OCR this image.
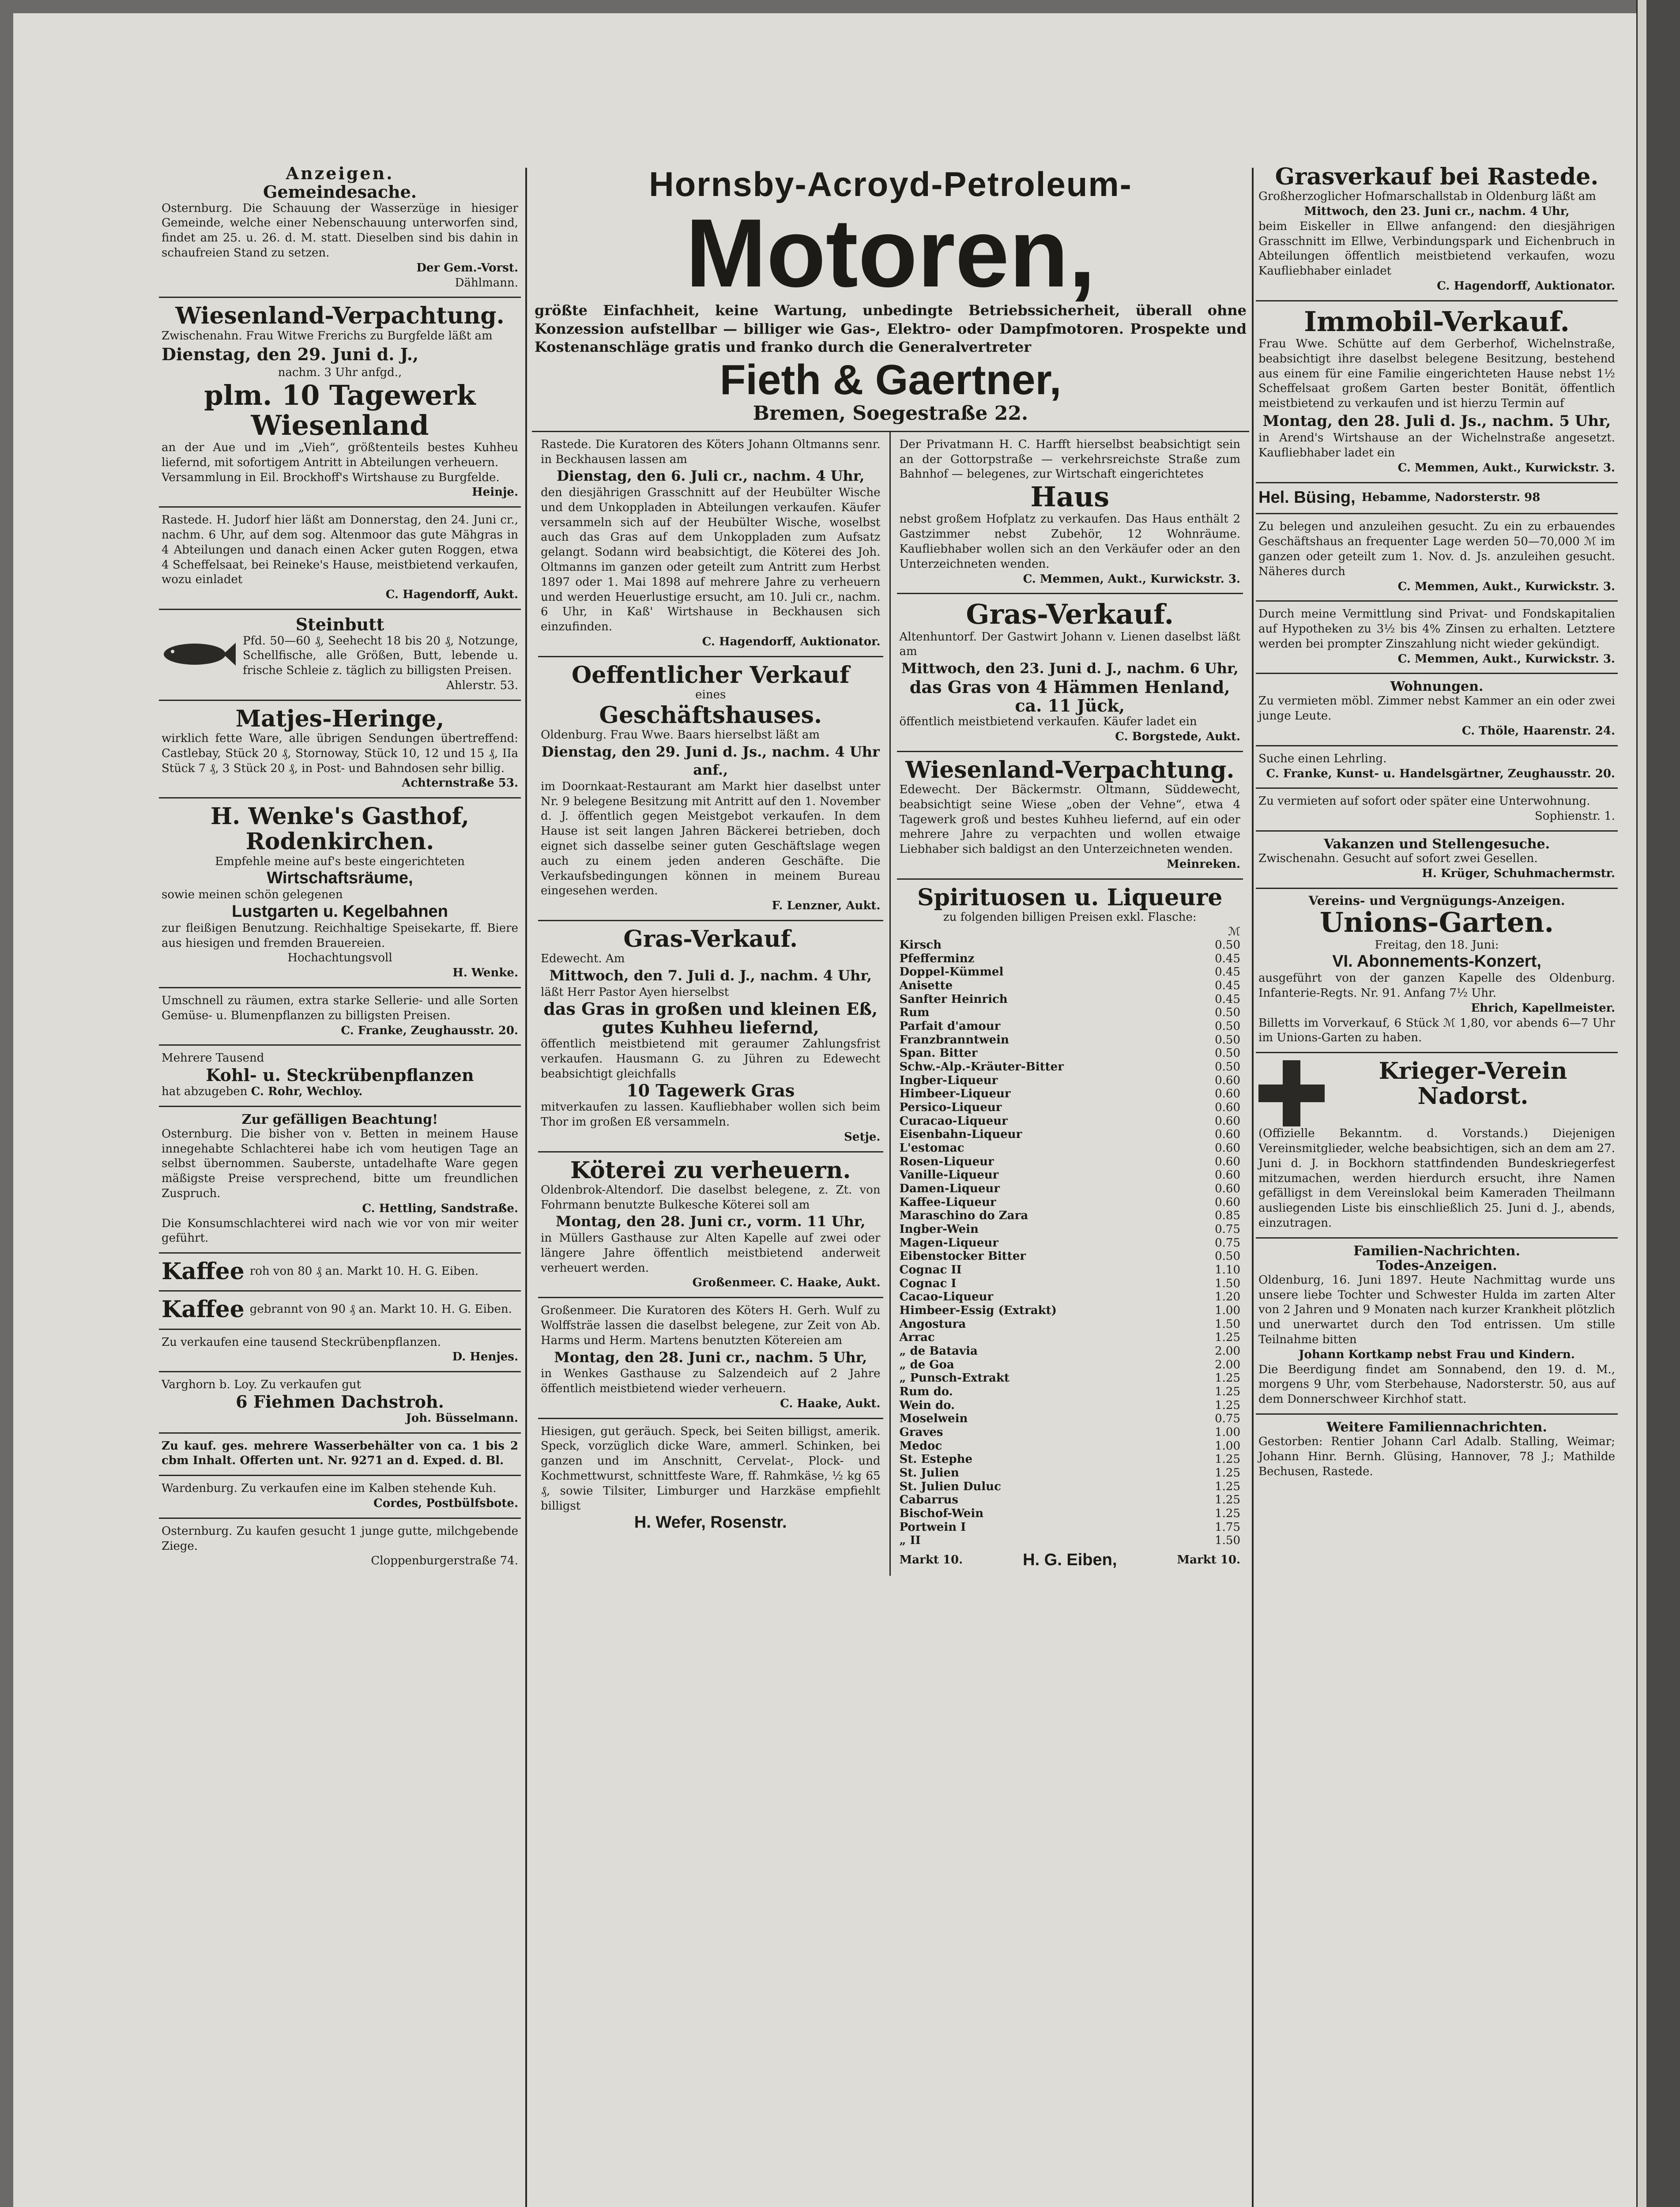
Anzeigen.
Gemeindesache.
Osternburg. Die Schauung der Wasserzüge in hiesiger Gemeinde, welche einer Nebenschauung unterworfen sind, findet am 25. u. 26. d. M. statt. Dieselben sind bis dahin in schaufreien Stand zu setzen.
Der Gem.-Vorst.
Dählmann.
Wiesenland-Verpachtung.
Zwischenahn. Frau Witwe Frerichs zu Burgfelde läßt am
Dienstag, den 29. Juni d. J.,
nachm. 3 Uhr anfgd.,
plm. 10 Tagewerk
Wiesenland
an der Aue und im „Vieh“, größtenteils bestes Kuhheu liefernd, mit sofortigem Antritt in Abteilungen verheuern.
Versammlung in Eil. Brockhoff's Wirtshause zu Burgfelde.
Heinje.
Rastede. H. Judorf hier läßt am Donnerstag, den 24. Juni cr., nachm. 6 Uhr, auf dem sog. Altenmoor das gute Mähgras in 4 Abteilungen und danach einen Acker guten Roggen, etwa 4 Scheffelsaat, bei Reineke's Hause, meistbietend verkaufen, wozu einladet
C. Hagendorff, Aukt.
Steinbutt
Pfd. 50—60 ₰, Seehecht 18 bis 20 ₰, Notzunge, Schellfische, alle Größen, Butt, lebende u. frische Schleie z. täglich zu billigsten Preisen.
Ahlerstr. 53.
Matjes-Heringe,
wirklich fette Ware, alle übrigen Sendungen übertreffend: Castlebay, Stück 20 ₰, Stornoway, Stück 10, 12 und 15 ₰, IIa Stück 7 ₰, 3 Stück 20 ₰, in Post- und Bahndosen sehr billig.
Achternstraße 53.
H. Wenke's Gasthof,
Rodenkirchen.
Empfehle meine auf's beste eingerichteten
Wirtschaftsräume,
sowie meinen schön gelegenen
Lustgarten u. Kegelbahnen
zur fleißigen Benutzung. Reichhaltige Speisekarte, ff. Biere aus hiesigen und fremden Brauereien.
Hochachtungsvoll
H. Wenke.
Umschnell zu räumen, extra starke Sellerie- und alle Sorten Gemüse- u. Blumenpflanzen zu billigsten Preisen.
C. Franke, Zeughausstr. 20.
Mehrere Tausend
Kohl- u. Steckrübenpflanzen
hat abzugeben C. Rohr, Wechloy.
Zur gefälligen Beachtung!
Osternburg. Die bisher von v. Betten in meinem Hause innegehabte Schlachterei habe ich vom heutigen Tage an selbst übernommen. Sauberste, untadelhafte Ware gegen mäßigste Preise versprechend, bitte um freundlichen Zuspruch.
C. Hettling, Sandstraße.
Die Konsumschlachterei wird nach wie vor von mir weiter geführt.
Kaffee roh von 80 ₰ an. Markt 10. H. G. Eiben.
Kaffee gebrannt von 90 ₰ an. Markt 10. H. G. Eiben.
Zu verkaufen eine tausend Steckrübenpflanzen.
D. Henjes.
Varghorn b. Loy. Zu verkaufen gut
6 Fiehmen Dachstroh.
Joh. Büsselmann.
Zu kauf. ges. mehrere Wasserbehälter von ca. 1 bis 2 cbm Inhalt. Offerten unt. Nr. 9271 an d. Exped. d. Bl.
Wardenburg. Zu verkaufen eine im Kalben stehende Kuh.
Cordes, Postbülfsbote.
Osternburg. Zu kaufen gesucht 1 junge gutte, milchgebende Ziege.
Cloppenburgerstraße 74.
Hornsby-Acroyd-Petroleum-
Motoren,
größte Einfachheit, keine Wartung, unbedingte Betriebssicherheit, überall ohne Konzession aufstellbar — billiger wie Gas-, Elektro- oder Dampfmotoren. Prospekte und Kostenanschläge gratis und franko durch die Generalvertreter
Fieth & Gaertner,
Bremen, Soegestraße 22.
Rastede. Die Kuratoren des Köters Johann Oltmanns senr. in Beckhausen lassen am
Dienstag, den 6. Juli cr., nachm. 4 Uhr,
den diesjährigen Grasschnitt auf der Heubülter Wische und dem Unkoppladen in Abteilungen verkaufen. Käufer versammeln sich auf der Heubülter Wische, woselbst auch das Gras auf dem Unkoppladen zum Aufsatz gelangt. Sodann wird beabsichtigt, die Köterei des Joh. Oltmanns im ganzen oder geteilt zum Antritt zum Herbst 1897 oder 1. Mai 1898 auf mehrere Jahre zu verheuern und werden Heuerlustige ersucht, am 10. Juli cr., nachm. 6 Uhr, in Kaß' Wirtshause in Beckhausen sich einzufinden.
C. Hagendorff, Auktionator.
Oeffentlicher Verkauf
eines
Geschäftshauses.
Oldenburg. Frau Wwe. Baars hierselbst läßt am
Dienstag, den 29. Juni d. Js., nachm. 4 Uhr anf.,
im Doornkaat-Restaurant am Markt hier daselbst unter Nr. 9 belegene Besitzung mit Antritt auf den 1. November d. J. öffentlich gegen Meistgebot verkaufen. In dem Hause ist seit langen Jahren Bäckerei betrieben, doch eignet sich dasselbe seiner guten Geschäftslage wegen auch zu einem jeden anderen Geschäfte. Die Verkaufsbedingungen können in meinem Bureau eingesehen werden.
F. Lenzner, Aukt.
Gras-Verkauf.
Edewecht. Am
Mittwoch, den 7. Juli d. J., nachm. 4 Uhr,
läßt Herr Pastor Ayen hierselbst
das Gras in großen und kleinen Eß, gutes Kuhheu liefernd,
öffentlich meistbietend mit geraumer Zahlungsfrist verkaufen. Hausmann G. zu Jühren zu Edewecht beabsichtigt gleichfalls
10 Tagewerk Gras
mitverkaufen zu lassen. Kaufliebhaber wollen sich beim Thor im großen Eß versammeln.
Setje.
Köterei zu verheuern.
Oldenbrok-Altendorf. Die daselbst belegene, z. Zt. von Fohrmann benutzte Bulkesche Köterei soll am
Montag, den 28. Juni cr., vorm. 11 Uhr,
in Müllers Gasthause zur Alten Kapelle auf zwei oder längere Jahre öffentlich meistbietend anderweit verheuert werden.
Großenmeer. C. Haake, Aukt.
Großenmeer. Die Kuratoren des Köters H. Gerh. Wulf zu Wolffsträe lassen die daselbst belegene, zur Zeit von Ab. Harms und Herm. Martens benutzten Kötereien am
Montag, den 28. Juni cr., nachm. 5 Uhr,
in Wenkes Gasthause zu Salzendeich auf 2 Jahre öffentlich meistbietend wieder verheuern.
C. Haake, Aukt.
Hiesigen, gut geräuch. Speck, bei Seiten billigst, amerik. Speck, vorzüglich dicke Ware, ammerl. Schinken, bei ganzen und im Anschnitt, Cervelat-, Plock- und Kochmettwurst, schnittfeste Ware, ff. Rahmkäse, ½ kg 65 ₰, sowie Tilsiter, Limburger und Harzkäse empfiehlt billigst
H. Wefer, Rosenstr.
Der Privatmann H. C. Harfft hierselbst beabsichtigt sein an der Gottorpstraße — verkehrsreichste Straße zum Bahnhof — belegenes, zur Wirtschaft eingerichtetes
Haus
nebst großem Hofplatz zu verkaufen. Das Haus enthält 2 Gastzimmer nebst Zubehör, 12 Wohnräume. Kaufliebhaber wollen sich an den Verkäufer oder an den Unterzeichneten wenden.
C. Memmen, Aukt., Kurwickstr. 3.
Gras-Verkauf.
Altenhuntorf. Der Gastwirt Johann v. Lienen daselbst läßt am
Mittwoch, den 23. Juni d. J., nachm. 6 Uhr,
das Gras von 4 Hämmen Henland, ca. 11 Jück,
öffentlich meistbietend verkaufen. Käufer ladet ein
C. Borgstede, Aukt.
Wiesenland-Verpachtung.
Edewecht. Der Bäckermstr. Oltmann, Süddewecht, beabsichtigt seine Wiese „oben der Vehne“, etwa 4 Tagewerk groß und bestes Kuhheu liefernd, auf ein oder mehrere Jahre zu verpachten und wollen etwaige Liebhaber sich baldigst an den Unterzeichneten wenden.
Meinreken.
Spirituosen u. Liqueure
zu folgenden billigen Preisen exkl. Flasche:
ℳ
Kirsch	0.50
Pfefferminz	0.45
Doppel-Kümmel	0.45
Anisette	0.45
Sanfter Heinrich	0.45
Rum	0.50
Parfait d'amour	0.50
Franzbranntwein	0.50
Span. Bitter	0.50
Schw.-Alp.-Kräuter-Bitter	0.50
Ingber-Liqueur	0.60
Himbeer-Liqueur	0.60
Persico-Liqueur	0.60
Curacao-Liqueur	0.60
Eisenbahn-Liqueur	0.60
L'estomac	0.60
Rosen-Liqueur	0.60
Vanille-Liqueur	0.60
Damen-Liqueur	0.60
Kaffee-Liqueur	0.60
Maraschino do Zara	0.85
Ingber-Wein	0.75
Magen-Liqueur	0.75
Eibenstocker Bitter	0.50
Cognac II	1.10
Cognac I	1.50
Cacao-Liqueur	1.20
Himbeer-Essig (Extrakt)	1.00
Angostura	1.50
Arrac	1.25
„ de Batavia	2.00
„ de Goa	2.00
„ Punsch-Extrakt	1.25
Rum do.	1.25
Wein do.	1.25
Moselwein	0.75
Graves	1.00
Medoc	1.00
St. Estephe	1.25
St. Julien	1.25
St. Julien Duluc	1.25
Cabarrus	1.25
Bischof-Wein	1.25
Portwein I	1.75
„ II	1.50
Markt 10.	H. G. Eiben,	Markt 10.
Grasverkauf bei Rastede.
Großherzoglicher Hofmarschallstab in Oldenburg läßt am
Mittwoch, den 23. Juni cr., nachm. 4 Uhr,
beim Eiskeller in Ellwe anfangend: den diesjährigen Grasschnitt im Ellwe, Verbindungspark und Eichenbruch in Abteilungen öffentlich meistbietend verkaufen, wozu Kaufliebhaber einladet
C. Hagendorff, Auktionator.
Immobil-Verkauf.
Frau Wwe. Schütte auf dem Gerberhof, Wichelnstraße, beabsichtigt ihre daselbst belegene Besitzung, bestehend aus einem für eine Familie eingerichteten Hause nebst 1½ Scheffelsaat großem Garten bester Bonität, öffentlich meistbietend zu verkaufen und ist hierzu Termin auf
Montag, den 28. Juli d. Js., nachm. 5 Uhr,
in Arend's Wirtshause an der Wichelnstraße angesetzt. Kaufliebhaber ladet ein
C. Memmen, Aukt., Kurwickstr. 3.
Hel. Büsing, Hebamme, Nadorsterstr. 98
Zu belegen und anzuleihen gesucht. Zu ein zu erbauendes Geschäftshaus an frequenter Lage werden 50—70,000 ℳ im ganzen oder geteilt zum 1. Nov. d. Js. anzuleihen gesucht. Näheres durch
C. Memmen, Aukt., Kurwickstr. 3.
Durch meine Vermittlung sind Privat- und Fondskapitalien auf Hypotheken zu 3½ bis 4% Zinsen zu erhalten. Letztere werden bei prompter Zinszahlung nicht wieder gekündigt.
C. Memmen, Aukt., Kurwickstr. 3.
Wohnungen.
Zu vermieten möbl. Zimmer nebst Kammer an ein oder zwei junge Leute.
C. Thöle, Haarenstr. 24.
Suche einen Lehrling.
C. Franke, Kunst- u. Handelsgärtner, Zeughausstr. 20.
Zu vermieten auf sofort oder später eine Unterwohnung.
Sophienstr. 1.
Vakanzen und Stellengesuche.
Zwischenahn. Gesucht auf sofort zwei Gesellen.
H. Krüger, Schuhmachermstr.
Vereins- und Vergnügungs-Anzeigen.
Unions-Garten.
Freitag, den 18. Juni:
VI. Abonnements-Konzert,
ausgeführt von der ganzen Kapelle des Oldenburg. Infanterie-Regts. Nr. 91. Anfang 7½ Uhr.
Ehrich, Kapellmeister.
Billetts im Vorverkauf, 6 Stück ℳ 1,80, vor abends 6—7 Uhr im Unions-Garten zu haben.
Krieger-Verein Nadorst.
(Offizielle Bekanntm. d. Vorstands.) Diejenigen Vereinsmitglieder, welche beabsichtigen, sich an dem am 27. Juni d. J. in Bockhorn stattfindenden Bundeskriegerfest mitzumachen, werden hierdurch ersucht, ihre Namen gefälligst in dem Vereinslokal beim Kameraden Theilmann ausliegenden Liste bis einschließlich 25. Juni d. J., abends, einzutragen.
Familien-Nachrichten.
Todes-Anzeigen.
Oldenburg, 16. Juni 1897. Heute Nachmittag wurde uns unsere liebe Tochter und Schwester Hulda im zarten Alter von 2 Jahren und 9 Monaten nach kurzer Krankheit plötzlich und unerwartet durch den Tod entrissen. Um stille Teilnahme bitten
Johann Kortkamp nebst Frau und Kindern.
Die Beerdigung findet am Sonnabend, den 19. d. M., morgens 9 Uhr, vom Sterbehause, Nadorsterstr. 50, aus auf dem Donnerschweer Kirchhof statt.
Weitere Familiennachrichten.
Gestorben: Rentier Johann Carl Adalb. Stalling, Weimar; Johann Hinr. Bernh. Glüsing, Hannover, 78 J.; Mathilde Bechusen, Rastede.
